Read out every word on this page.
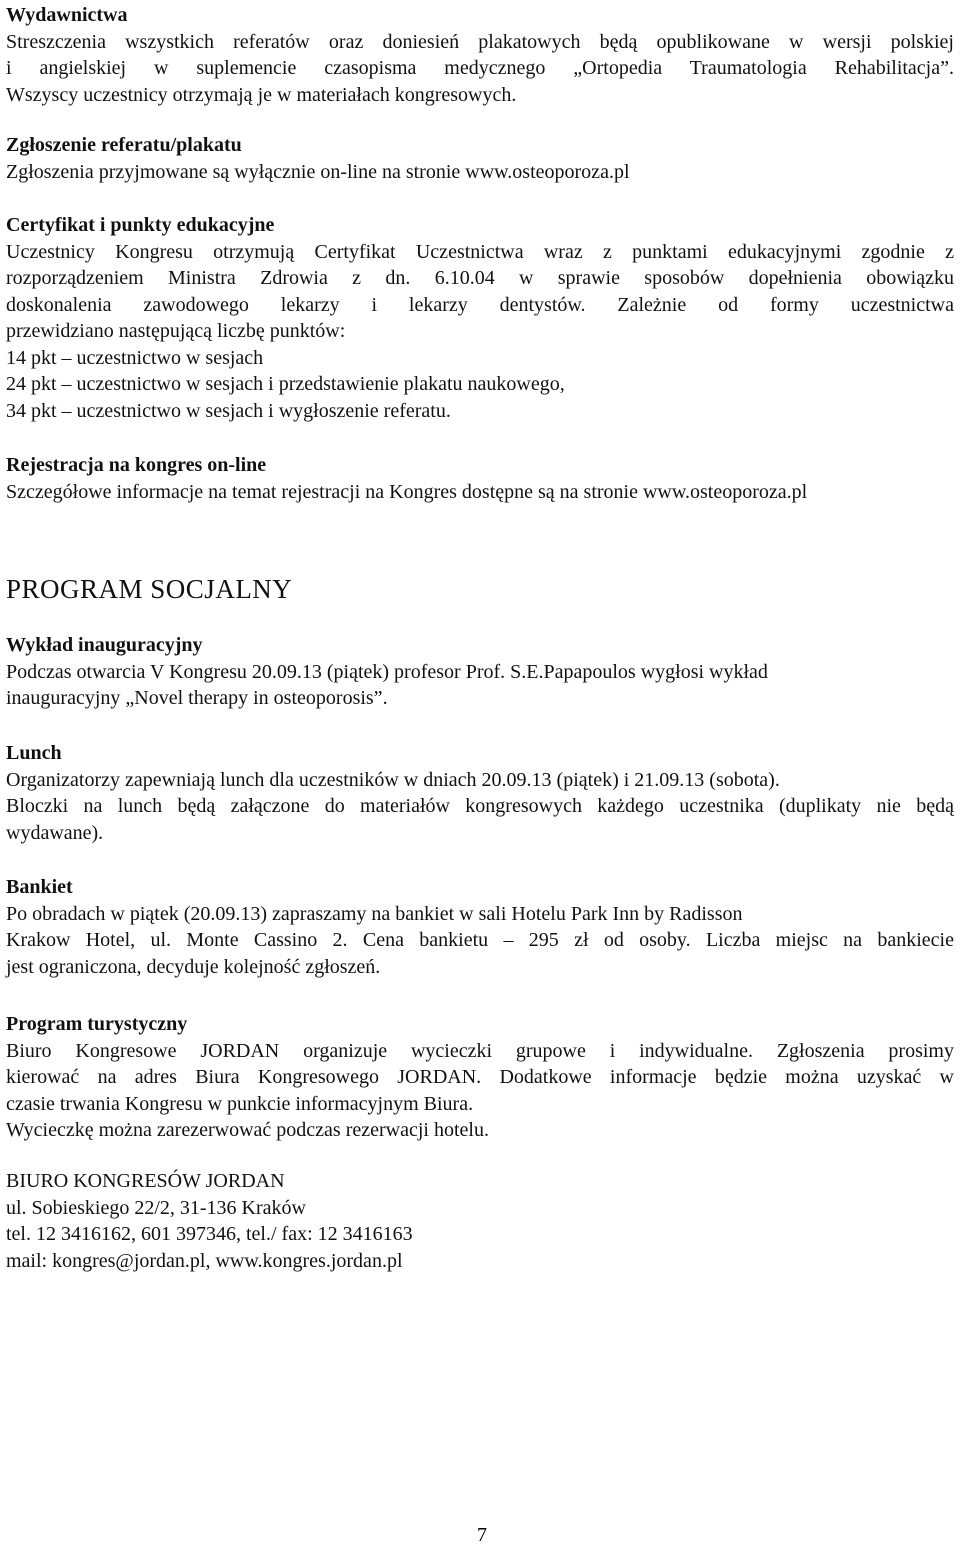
Wydawnictwa

Streszczenia wszystkich referatów oraz doniesień plakatowych będą opublikowane w wersji polskiej

i angielskiej w suplemencie czasopisma medycznego „Ortopedia Traumatologia Rehabilitacja”.

Wszyscy uczestnicy otrzymają je w materiałach kongresowych.

Zgłoszenie referatu/plakatu

Zgłoszenia przyjmowane są wyłącznie on-line na stronie www.osteoporoza.pl

Certyfikat i punkty edukacyjne

Uczestnicy Kongresu otrzymują Certyfikat Uczestnictwa wraz z punktami edukacyjnymi zgodnie z

rozporządzeniem Ministra Zdrowia z dn. 6.10.04 w sprawie sposobów dopełnienia obowiązku

doskonalenia zawodowego lekarzy i lekarzy dentystów. Zależnie od formy uczestnictwa

przewidziano następującą liczbę punktów:

14 pkt – uczestnictwo w sesjach

24 pkt – uczestnictwo w sesjach i przedstawienie plakatu naukowego,

34 pkt – uczestnictwo w sesjach i wygłoszenie referatu.

Rejestracja na kongres on-line

Szczegółowe informacje na temat rejestracji na Kongres dostępne są na stronie www.osteoporoza.pl

PROGRAM SOCJALNY

Wykład inauguracyjny

Podczas otwarcia V Kongresu 20.09.13 (piątek) profesor Prof. S.E.Papapoulos wygłosi wykład

inauguracyjny „Novel therapy in osteoporosis”.

Lunch

Organizatorzy zapewniają lunch dla uczestników w dniach 20.09.13 (piątek) i 21.09.13 (sobota).

Bloczki na lunch będą załączone do materiałów kongresowych każdego uczestnika (duplikaty nie będą

wydawane).

Bankiet

Po obradach w piątek (20.09.13) zapraszamy na bankiet w sali Hotelu Park Inn by Radisson

Krakow Hotel, ul. Monte Cassino 2. Cena bankietu – 295 zł od osoby. Liczba miejsc na bankiecie

jest ograniczona, decyduje kolejność zgłoszeń.

Program turystyczny

Biuro Kongresowe JORDAN organizuje wycieczki grupowe i indywidualne. Zgłoszenia prosimy

kierować na adres Biura Kongresowego JORDAN. Dodatkowe informacje będzie można uzyskać w

czasie trwania Kongresu w punkcie informacyjnym Biura.

Wycieczkę można zarezerwować podczas rezerwacji hotelu.

BIURO KONGRESÓW JORDAN

ul. Sobieskiego 22/2, 31-136 Kraków

tel. 12 3416162, 601 397346, tel./ fax: 12 3416163

mail: kongres@jordan.pl, www.kongres.jordan.pl

7
